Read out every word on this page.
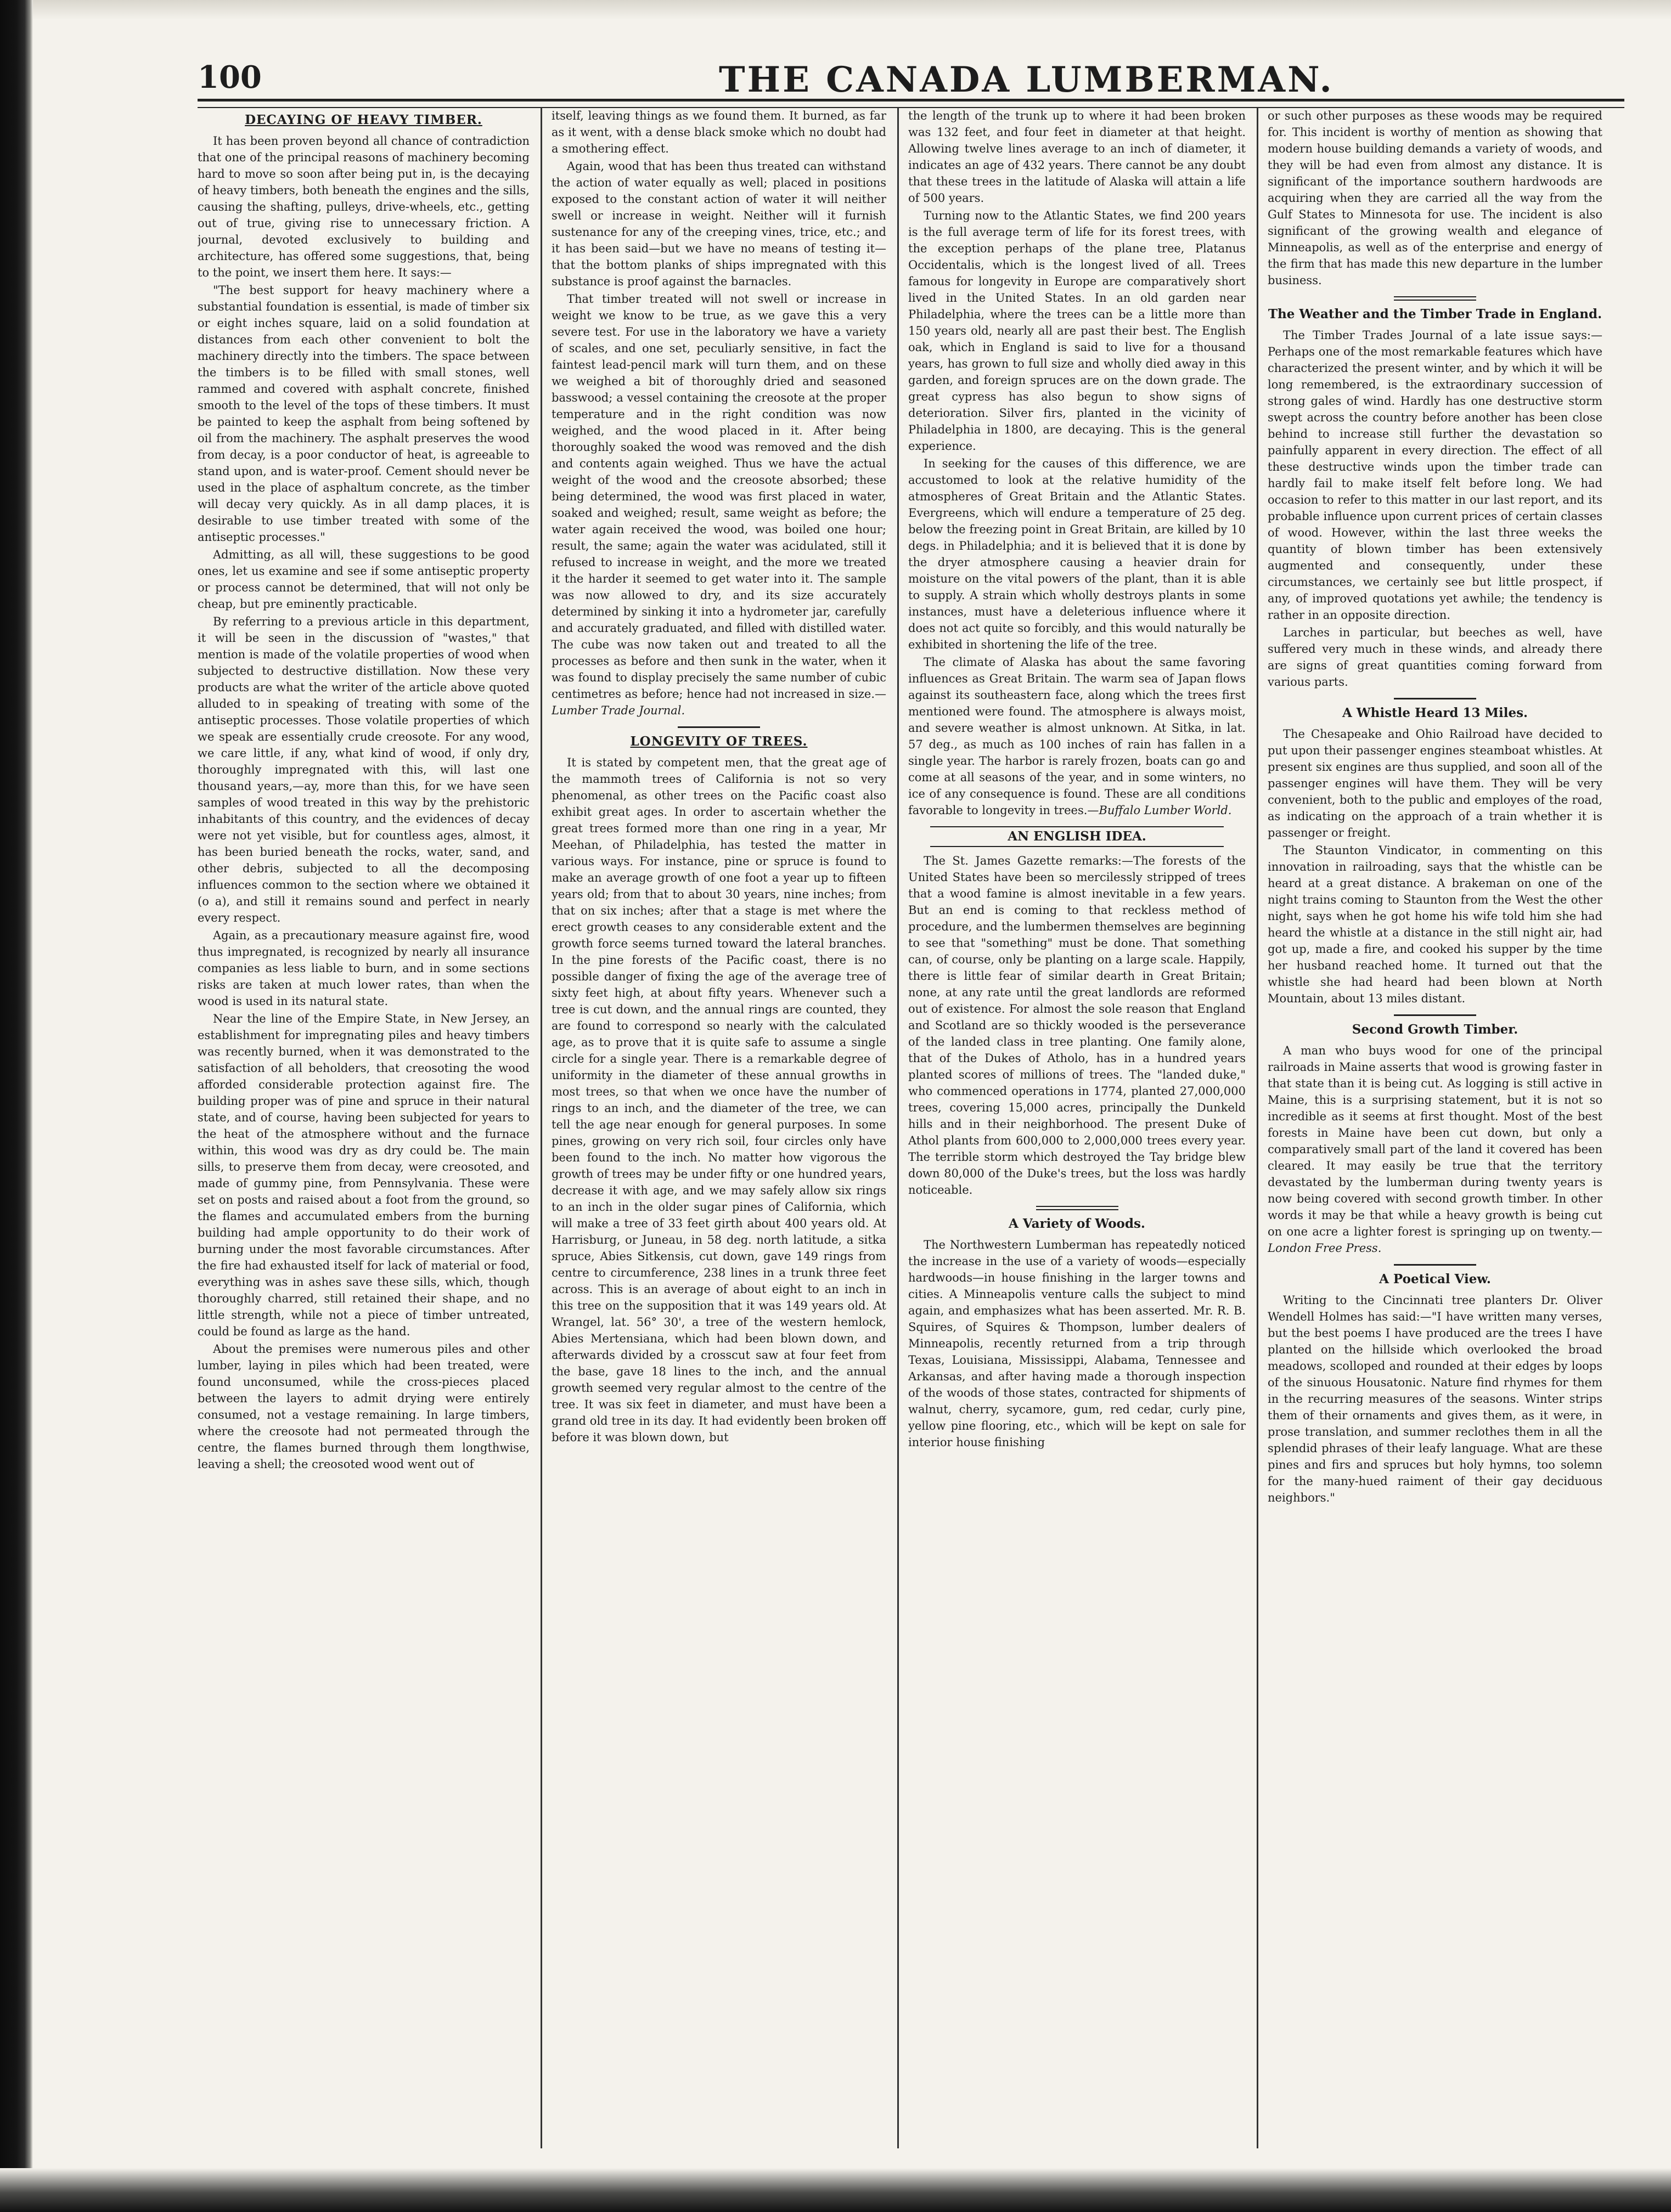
100	THE CANADA LUMBERMAN.
DECAYING OF HEAVY TIMBER.

It has been proven beyond all chance of contradiction that one of the principal reasons of machinery becoming hard to move so soon after being put in, is the decaying of heavy timbers, both beneath the engines and the sills, causing the shafting, pulleys, drive-wheels, etc., getting out of true, giving rise to unnecessary friction. A journal, devoted exclusively to building and architecture, has offered some suggestions, that, being to the point, we insert them here. It says:—

"The best support for heavy machinery where a substantial foundation is essential, is made of timber six or eight inches square, laid on a solid foundation at distances from each other convenient to bolt the machinery directly into the timbers. The space between the timbers is to be filled with small stones, well rammed and covered with asphalt concrete, finished smooth to the level of the tops of these timbers. It must be painted to keep the asphalt from being softened by oil from the machinery. The asphalt preserves the wood from decay, is a poor conductor of heat, is agreeable to stand upon, and is water-proof. Cement should never be used in the place of asphaltum concrete, as the timber will decay very quickly. As in all damp places, it is desirable to use timber treated with some of the antiseptic processes."

Admitting, as all will, these suggestions to be good ones, let us examine and see if some antiseptic property or process cannot be determined, that will not only be cheap, but pre eminently practicable.

By referring to a previous article in this department, it will be seen in the discussion of "wastes," that mention is made of the volatile properties of wood when subjected to destructive distillation. Now these very products are what the writer of the article above quoted alluded to in speaking of treating with some of the antiseptic processes. Those volatile properties of which we speak are essentially crude creosote. For any wood, we care little, if any, what kind of wood, if only dry, thoroughly impregnated with this, will last one thousand years,—ay, more than this, for we have seen samples of wood treated in this way by the prehistoric inhabitants of this country, and the evidences of decay were not yet visible, but for countless ages, almost, it has been buried beneath the rocks, water, sand, and other debris, subjected to all the decomposing influences common to the section where we obtained it (o a), and still it remains sound and perfect in nearly every respect.

Again, as a precautionary measure against fire, wood thus impregnated, is recognized by nearly all insurance companies as less liable to burn, and in some sections risks are taken at much lower rates, than when the wood is used in its natural state.

Near the line of the Empire State, in New Jersey, an establishment for impregnating piles and heavy timbers was recently burned, when it was demonstrated to the satisfaction of all beholders, that creosoting the wood afforded considerable protection against fire. The building proper was of pine and spruce in their natural state, and of course, having been subjected for years to the heat of the atmosphere without and the furnace within, this wood was dry as dry could be. The main sills, to preserve them from decay, were creosoted, and made of gummy pine, from Pennsylvania. These were set on posts and raised about a foot from the ground, so the flames and accumulated embers from the burning building had ample opportunity to do their work of burning under the most favorable circumstances. After the fire had exhausted itself for lack of material or food, everything was in ashes save these sills, which, though thoroughly charred, still retained their shape, and no little strength, while not a piece of timber untreated, could be found as large as the hand.

About the premises were numerous piles and other lumber, laying in piles which had been treated, were found unconsumed, while the cross-pieces placed between the layers to admit drying were entirely consumed, not a vestage remaining. In large timbers, where the creosote had not permeated through the centre, the flames burned through them longthwise, leaving a shell; the creosoted wood went out of

itself, leaving things as we found them. It burned, as far as it went, with a dense black smoke which no doubt had a smothering effect.

Again, wood that has been thus treated can withstand the action of water equally as well; placed in positions exposed to the constant action of water it will neither swell or increase in weight. Neither will it furnish sustenance for any of the creeping vines, trice, etc.; and it has been said—but we have no means of testing it—that the bottom planks of ships impregnated with this substance is proof against the barnacles.

That timber treated will not swell or increase in weight we know to be true, as we gave this a very severe test. For use in the laboratory we have a variety of scales, and one set, peculiarly sensitive, in fact the faintest lead-pencil mark will turn them, and on these we weighed a bit of thoroughly dried and seasoned basswood; a vessel containing the creosote at the proper temperature and in the right condition was now weighed, and the wood placed in it. After being thoroughly soaked the wood was removed and the dish and contents again weighed. Thus we have the actual weight of the wood and the creosote absorbed; these being determined, the wood was first placed in water, soaked and weighed; result, same weight as before; the water again received the wood, was boiled one hour; result, the same; again the water was acidulated, still it refused to increase in weight, and the more we treated it the harder it seemed to get water into it. The sample was now allowed to dry, and its size accurately determined by sinking it into a hydrometer jar, carefully and accurately graduated, and filled with distilled water. The cube was now taken out and treated to all the processes as before and then sunk in the water, when it was found to display precisely the same number of cubic centimetres as before; hence had not increased in size.—Lumber Trade Journal.

LONGEVITY OF TREES.

It is stated by competent men, that the great age of the mammoth trees of California is not so very phenomenal, as other trees on the Pacific coast also exhibit great ages. In order to ascertain whether the great trees formed more than one ring in a year, Mr Meehan, of Philadelphia, has tested the matter in various ways. For instance, pine or spruce is found to make an average growth of one foot a year up to fifteen years old; from that to about 30 years, nine inches; from that on six inches; after that a stage is met where the erect growth ceases to any considerable extent and the growth force seems turned toward the lateral branches. In the pine forests of the Pacific coast, there is no possible danger of fixing the age of the average tree of sixty feet high, at about fifty years. Whenever such a tree is cut down, and the annual rings are counted, they are found to correspond so nearly with the calculated age, as to prove that it is quite safe to assume a single circle for a single year. There is a remarkable degree of uniformity in the diameter of these annual growths in most trees, so that when we once have the number of rings to an inch, and the diameter of the tree, we can tell the age near enough for general purposes. In some pines, growing on very rich soil, four circles only have been found to the inch. No matter how vigorous the growth of trees may be under fifty or one hundred years, decrease it with age, and we may safely allow six rings to an inch in the older sugar pines of California, which will make a tree of 33 feet girth about 400 years old. At Harrisburg, or Juneau, in 58 deg. north latitude, a sitka spruce, Abies Sitkensis, cut down, gave 149 rings from centre to circumference, 238 lines in a trunk three feet across. This is an average of about eight to an inch in this tree on the supposition that it was 149 years old. At Wrangel, lat. 56° 30', a tree of the western hemlock, Abies Mertensiana, which had been blown down, and afterwards divided by a crosscut saw at four feet from the base, gave 18 lines to the inch, and the annual growth seemed very regular almost to the centre of the tree. It was six feet in diameter, and must have been a grand old tree in its day. It had evidently been broken off before it was blown down, but

the length of the trunk up to where it had been broken was 132 feet, and four feet in diameter at that height. Allowing twelve lines average to an inch of diameter, it indicates an age of 432 years. There cannot be any doubt that these trees in the latitude of Alaska will attain a life of 500 years.

Turning now to the Atlantic States, we find 200 years is the full average term of life for its forest trees, with the exception perhaps of the plane tree, Platanus Occidentalis, which is the longest lived of all. Trees famous for longevity in Europe are comparatively short lived in the United States. In an old garden near Philadelphia, where the trees can be a little more than 150 years old, nearly all are past their best. The English oak, which in England is said to live for a thousand years, has grown to full size and wholly died away in this garden, and foreign spruces are on the down grade. The great cypress has also begun to show signs of deterioration. Silver firs, planted in the vicinity of Philadelphia in 1800, are decaying. This is the general experience.

In seeking for the causes of this difference, we are accustomed to look at the relative humidity of the atmospheres of Great Britain and the Atlantic States. Evergreens, which will endure a temperature of 25 deg. below the freezing point in Great Britain, are killed by 10 degs. in Philadelphia; and it is believed that it is done by the dryer atmosphere causing a heavier drain for moisture on the vital powers of the plant, than it is able to supply. A strain which wholly destroys plants in some instances, must have a deleterious influence where it does not act quite so forcibly, and this would naturally be exhibited in shortening the life of the tree.

The climate of Alaska has about the same favoring influences as Great Britain. The warm sea of Japan flows against its southeastern face, along which the trees first mentioned were found. The atmosphere is always moist, and severe weather is almost unknown. At Sitka, in lat. 57 deg., as much as 100 inches of rain has fallen in a single year. The harbor is rarely frozen, boats can go and come at all seasons of the year, and in some winters, no ice of any consequence is found. These are all conditions favorable to longevity in trees.—Buffalo Lumber World.

AN ENGLISH IDEA.

The St. James Gazette remarks:—The forests of the United States have been so mercilessly stripped of trees that a wood famine is almost inevitable in a few years. But an end is coming to that reckless method of procedure, and the lumbermen themselves are beginning to see that "something" must be done. That something can, of course, only be planting on a large scale. Happily, there is little fear of similar dearth in Great Britain; none, at any rate until the great landlords are reformed out of existence. For almost the sole reason that England and Scotland are so thickly wooded is the perseverance of the landed class in tree planting. One family alone, that of the Dukes of Atholo, has in a hundred years planted scores of millions of trees. The "landed duke," who commenced operations in 1774, planted 27,000,000 trees, covering 15,000 acres, principally the Dunkeld hills and in their neighborhood. The present Duke of Athol plants from 600,000 to 2,000,000 trees every year. The terrible storm which destroyed the Tay bridge blew down 80,000 of the Duke's trees, but the loss was hardly noticeable.

A Variety of Woods.

The Northwestern Lumberman has repeatedly noticed the increase in the use of a variety of woods—especially hardwoods—in house finishing in the larger towns and cities. A Minneapolis venture calls the subject to mind again, and emphasizes what has been asserted. Mr. R. B. Squires, of Squires & Thompson, lumber dealers of Minneapolis, recently returned from a trip through Texas, Louisiana, Mississippi, Alabama, Tennessee and Arkansas, and after having made a thorough inspection of the woods of those states, contracted for shipments of walnut, cherry, sycamore, gum, red cedar, curly pine, yellow pine flooring, etc., which will be kept on sale for interior house finishing

or such other purposes as these woods may be required for. This incident is worthy of mention as showing that modern house building demands a variety of woods, and they will be had even from almost any distance. It is significant of the importance southern hardwoods are acquiring when they are carried all the way from the Gulf States to Minnesota for use. The incident is also significant of the growing wealth and elegance of Minneapolis, as well as of the enterprise and energy of the firm that has made this new departure in the lumber business.

The Weather and the Timber Trade in England.

The Timber Trades Journal of a late issue says:—Perhaps one of the most remarkable features which have characterized the present winter, and by which it will be long remembered, is the extraordinary succession of strong gales of wind. Hardly has one destructive storm swept across the country before another has been close behind to increase still further the devastation so painfully apparent in every direction. The effect of all these destructive winds upon the timber trade can hardly fail to make itself felt before long. We had occasion to refer to this matter in our last report, and its probable influence upon current prices of certain classes of wood. However, within the last three weeks the quantity of blown timber has been extensively augmented and consequently, under these circumstances, we certainly see but little prospect, if any, of improved quotations yet awhile; the tendency is rather in an opposite direction.

Larches in particular, but beeches as well, have suffered very much in these winds, and already there are signs of great quantities coming forward from various parts.

A Whistle Heard 13 Miles.

The Chesapeake and Ohio Railroad have decided to put upon their passenger engines steamboat whistles. At present six engines are thus supplied, and soon all of the passenger engines will have them. They will be very convenient, both to the public and employes of the road, as indicating on the approach of a train whether it is passenger or freight.

The Staunton Vindicator, in commenting on this innovation in railroading, says that the whistle can be heard at a great distance. A brakeman on one of the night trains coming to Staunton from the West the other night, says when he got home his wife told him she had heard the whistle at a distance in the still night air, had got up, made a fire, and cooked his supper by the time her husband reached home. It turned out that the whistle she had heard had been blown at North Mountain, about 13 miles distant.

Second Growth Timber.

A man who buys wood for one of the principal railroads in Maine asserts that wood is growing faster in that state than it is being cut. As logging is still active in Maine, this is a surprising statement, but it is not so incredible as it seems at first thought. Most of the best forests in Maine have been cut down, but only a comparatively small part of the land it covered has been cleared. It may easily be true that the territory devastated by the lumberman during twenty years is now being covered with second growth timber. In other words it may be that while a heavy growth is being cut on one acre a lighter forest is springing up on twenty.—London Free Press.

A Poetical View.

Writing to the Cincinnati tree planters Dr. Oliver Wendell Holmes has said:—"I have written many verses, but the best poems I have produced are the trees I have planted on the hillside which overlooked the broad meadows, scolloped and rounded at their edges by loops of the sinuous Housatonic. Nature find rhymes for them in the recurring measures of the seasons. Winter strips them of their ornaments and gives them, as it were, in prose translation, and summer reclothes them in all the splendid phrases of their leafy language. What are these pines and firs and spruces but holy hymns, too solemn for the many-hued raiment of their gay deciduous neighbors."
